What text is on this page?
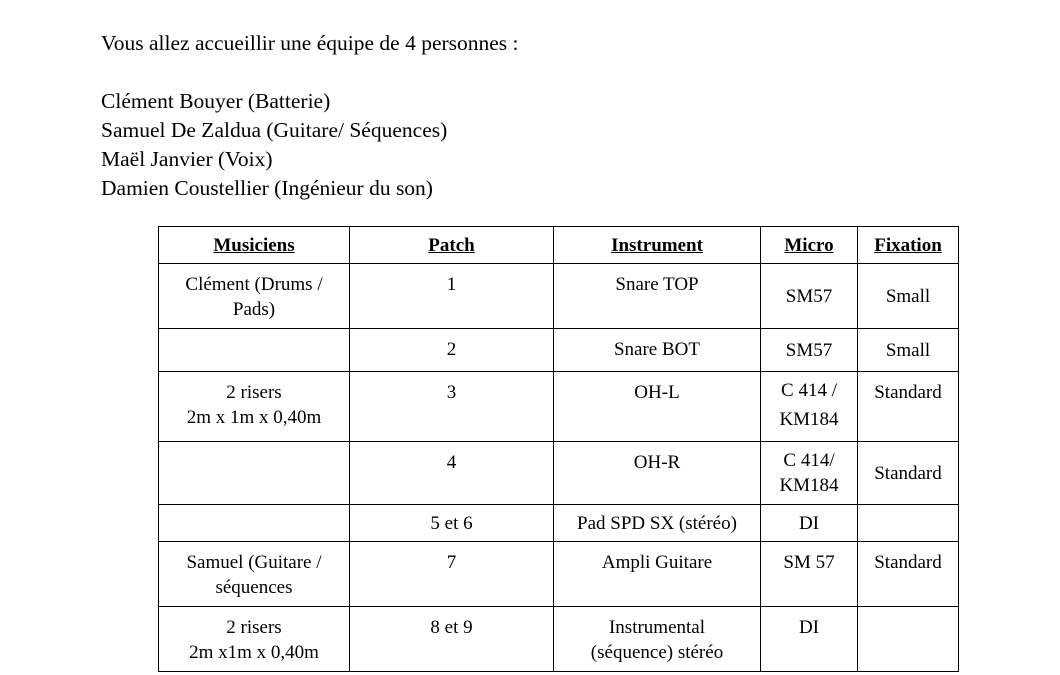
Vous allez accueillir une équipe de 4 personnes :
Clément Bouyer (Batterie)
Samuel De Zaldua (Guitare/ Séquences)
Maël Janvier (Voix)
Damien Coustellier (Ingénieur du son)
Musiciens	Patch	Instrument	Micro	Fixation

Clément (Drums /
Pads)	1	Snare TOP	SM57	Small
	2	Snare BOT	SM57	Small

2 risers
2m x 1m x 0,40m	3	OH-L	C 414 /
KM184	Standard
	4	OH-R	C 414/
KM184	Standard
	5 et 6	Pad SPD SX (stéréo)	DI	

Samuel (Guitare /
séquences	7	Ampli Guitare	SM 57	Standard

2 risers
2m x1m x 0,40m	8 et 9	Instrumental
(séquence) stéréo	DI	
